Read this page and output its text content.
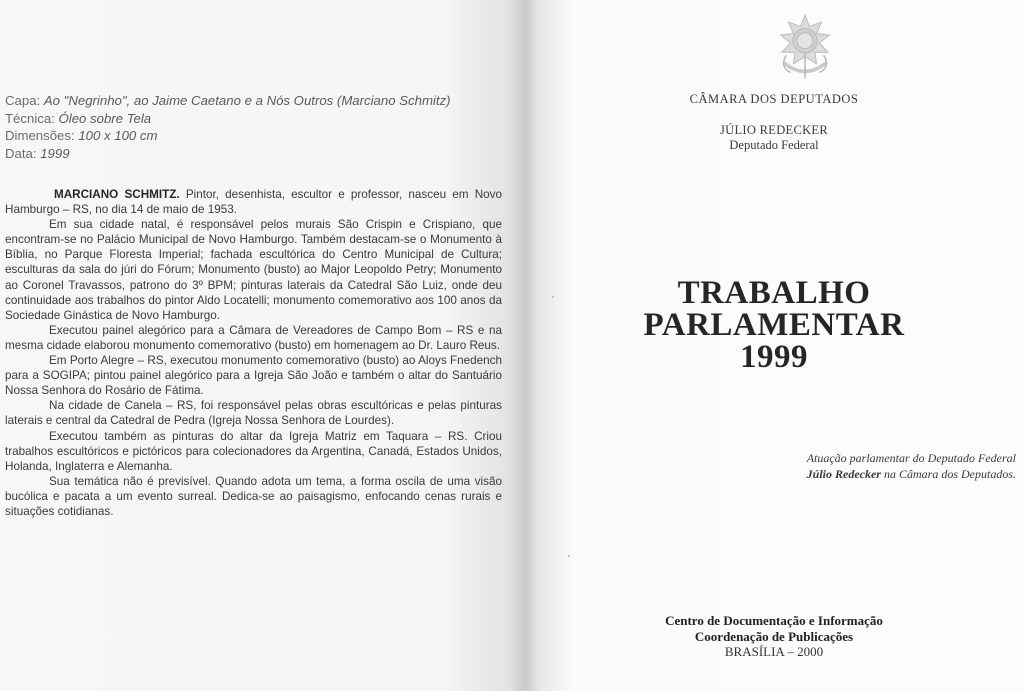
Capa: Ao "Negrinho", ao Jaime Caetano e a Nós Outros (Marciano Schmitz)
Técnica: Óleo sobre Tela
Dimensões: 100 x 100 cm
Data: 1999

MARCIANO SCHMITZ. Pintor, desenhista, escultor e professor, nasceu em Novo Hamburgo – RS, no dia 14 de maio de 1953.

Em sua cidade natal, é responsável pelos murais São Crispin e Crispiano, que encontram-se no Palácio Municipal de Novo Hamburgo. Também destacam-se o Monumento à Bíblia, no Parque Floresta Imperial; fachada escultórica do Centro Municipal de Cultura; esculturas da sala do júri do Fórum; Monumento (busto) ao Major Leopoldo Petry; Monumento ao Coronel Travassos, patrono do 3º BPM; pinturas laterais da Catedral São Luiz, onde deu continuidade aos trabalhos do pintor Aldo Locatelli; monumento comemorativo aos 100 anos da Sociedade Ginástica de Novo Hamburgo.

Executou painel alegórico para a Câmara de Vereadores de Campo Bom – RS e na mesma cidade elaborou monumento comemorativo (busto) em homenagem ao Dr. Lauro Reus.

Em Porto Alegre – RS, executou monumento comemorativo (busto) ao Aloys Fnedench para a SOGIPA; pintou painel alegórico para a Igreja São João e também o altar do Santuário Nossa Senhora do Rosário de Fátima.

Na cidade de Canela – RS, foi responsável pelas obras escultóricas e pelas pinturas laterais e central da Catedral de Pedra (Igreja Nossa Senhora de Lourdes).

Executou também as pinturas do altar da Igreja Matriz em Taquara – RS. Criou trabalhos escultóricos e pictóricos para colecionadores da Argentina, Canadá, Estados Unidos, Holanda, Inglaterra e Alemanha.

Sua temática não é previsível. Quando adota um tema, a forma oscila de uma visão bucólica e pacata a um evento surreal. Dedica-se ao paisagismo, enfocando cenas rurais e situações cotidianas.

CÂMARA DOS DEPUTADOS
JÚLIO REDECKER
Deputado Federal
TRABALHO
PARLAMENTAR
1999
Atuação parlamentar do Deputado Federal
Júlio Redecker na Câmara dos Deputados.
Centro de Documentação e Informação
Coordenação de Publicações
BRASÍLIA – 2000
